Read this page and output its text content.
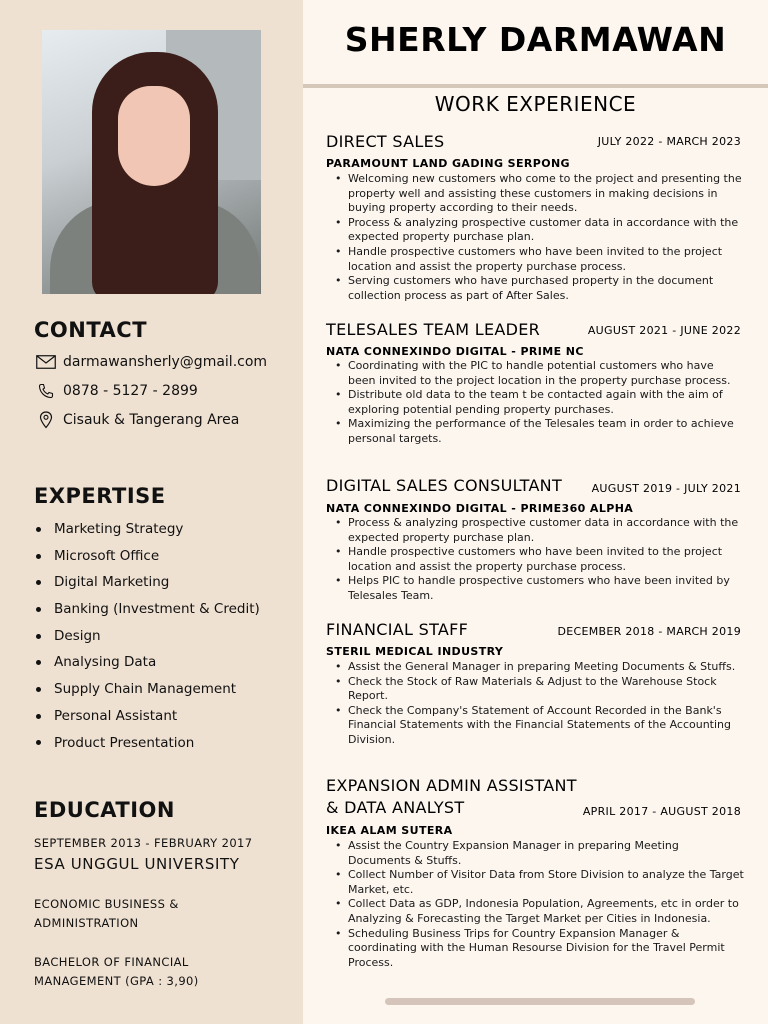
CONTACT
darmawansherly@gmail.com
0878 - 5127 - 2899
Cisauk & Tangerang Area
EXPERTISE
Marketing Strategy
Microsoft Office
Digital Marketing
Banking (Investment & Credit)
Design
Analysing Data
Supply Chain Management
Personal Assistant
Product Presentation
EDUCATION
SEPTEMBER 2013 - FEBRUARY 2017
ESA UNGGUL UNIVERSITY
ECONOMIC BUSINESS &
ADMINISTRATION
BACHELOR OF FINANCIAL
MANAGEMENT (GPA : 3,90)
SHERLY DARMAWAN
WORK EXPERIENCE
DIRECT SALES	JULY 2022 - MARCH 2023
PARAMOUNT LAND GADING SERPONG
• Welcoming new customers who come to the project and presenting the property well and assisting these customers in making decisions in buying property according to their needs.
• Process & analyzing prospective customer data in accordance with the expected property purchase plan.
• Handle prospective customers who have been invited to the project location and assist the property purchase process.
• Serving customers who have purchased property in the document collection process as part of After Sales.
TELESALES TEAM LEADER	AUGUST 2021 - JUNE 2022
NATA CONNEXINDO DIGITAL - PRIME NC
• Coordinating with the PIC to handle potential customers who have been invited to the project location in the property purchase process.
• Distribute old data to the team t be contacted again with the aim of exploring potential pending property purchases.
• Maximizing the performance of the Telesales team in order to achieve personal targets.
DIGITAL SALES CONSULTANT	AUGUST 2019 - JULY 2021
NATA CONNEXINDO DIGITAL - PRIME360 ALPHA
• Process & analyzing prospective customer data in accordance with the expected property purchase plan.
• Handle prospective customers who have been invited to the project location and assist the property purchase process.
• Helps PIC to handle prospective customers who have been invited by Telesales Team.
FINANCIAL STAFF	DECEMBER 2018 - MARCH 2019
STERIL MEDICAL INDUSTRY
• Assist the General Manager in preparing Meeting Documents & Stuffs.
• Check the Stock of Raw Materials & Adjust to the Warehouse Stock Report.
• Check the Company's Statement of Account Recorded in the Bank's Financial Statements with the Financial Statements of the Accounting Division.
EXPANSION ADMIN ASSISTANT
& DATA ANALYST	APRIL 2017 - AUGUST 2018
IKEA ALAM SUTERA
• Assist the Country Expansion Manager in preparing Meeting Documents & Stuffs.
• Collect Number of Visitor Data from Store Division to analyze the Target Market, etc.
• Collect Data as GDP, Indonesia Population, Agreements, etc in order to Analyzing & Forecasting the Target Market per Cities in Indonesia.
• Scheduling Business Trips for Country Expansion Manager & coordinating with the Human Resourse Division for the Travel Permit Process.
